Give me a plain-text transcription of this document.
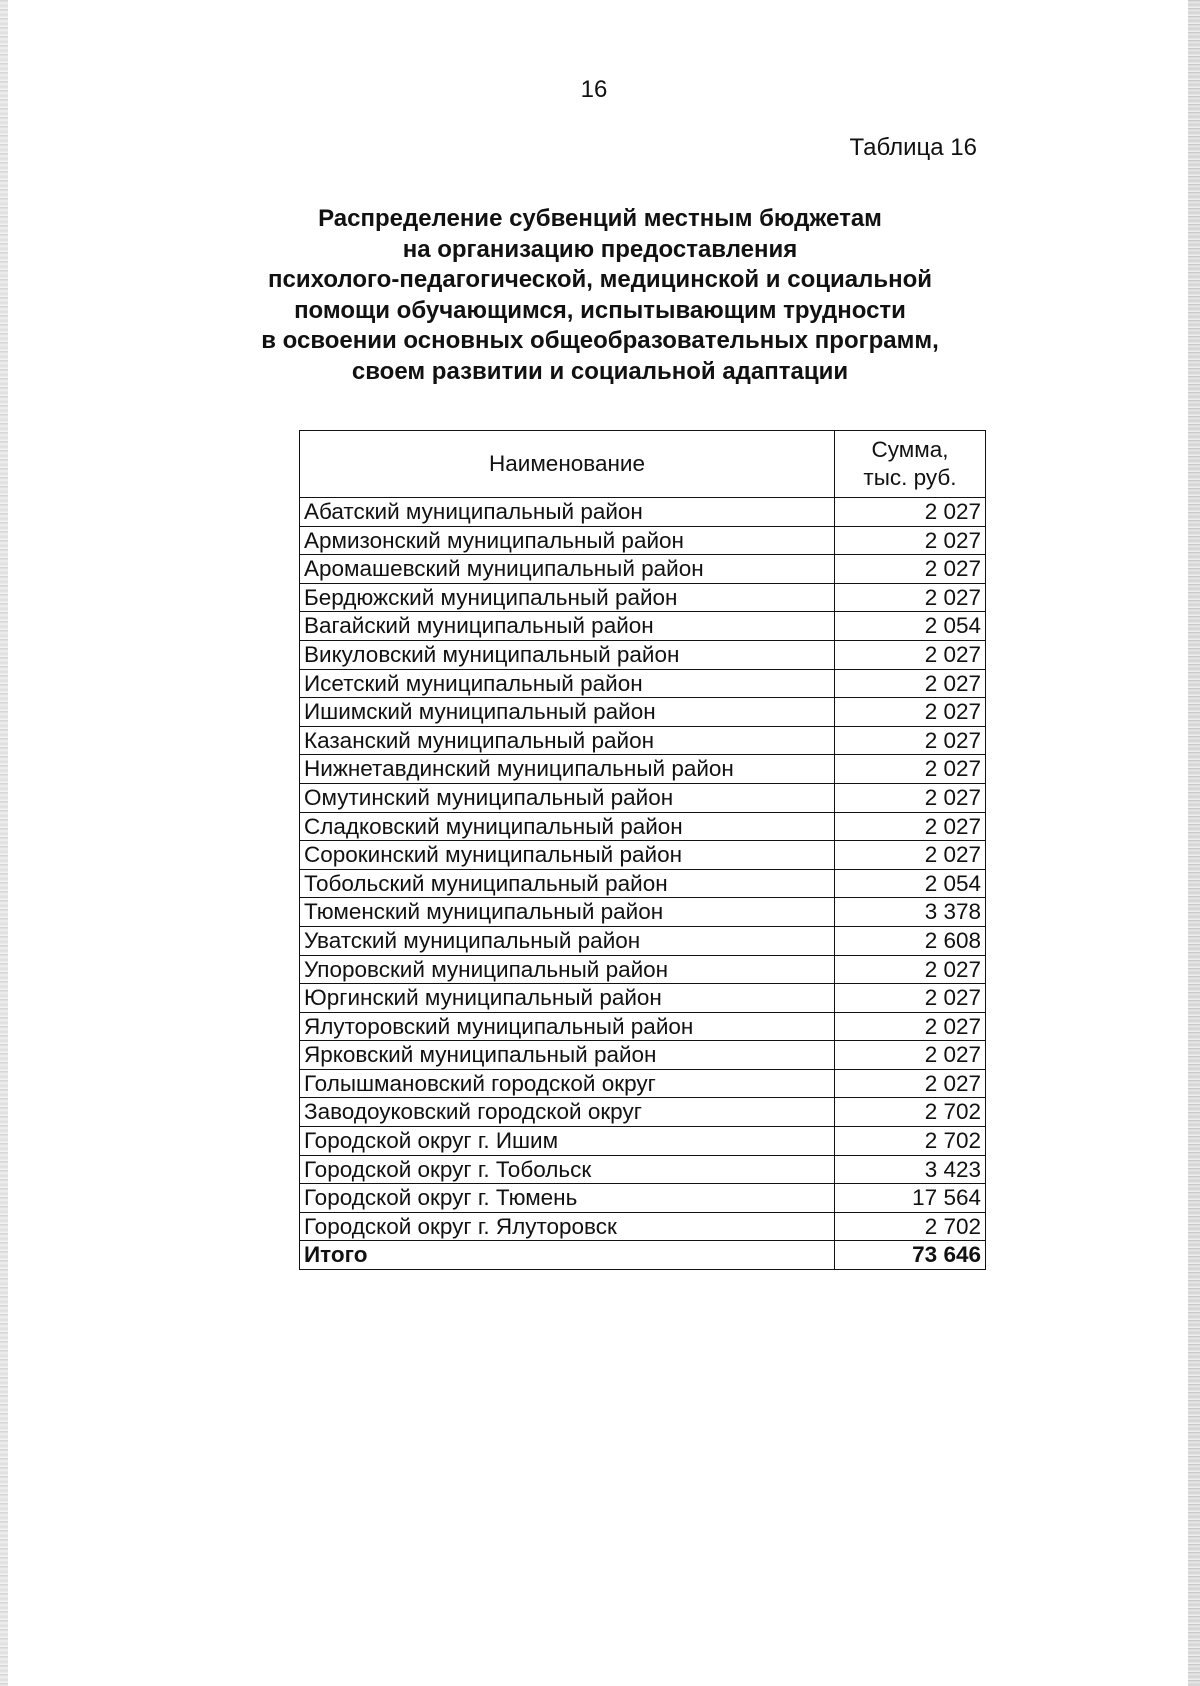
16
Таблица 16
Распределение субвенций местным бюджетам
на организацию предоставления
психолого-педагогической, медицинской и социальной
помощи обучающимся, испытывающим трудности
в освоении основных общеобразовательных программ,
своем развитии и социальной адаптации
Наименование	Сумма,
тыс. руб.

Абатский муниципальный район	2 027
Армизонский муниципальный район	2 027
Аромашевский муниципальный район	2 027
Бердюжский муниципальный район	2 027
Вагайский муниципальный район	2 054
Викуловский муниципальный район	2 027
Исетский муниципальный район	2 027
Ишимский муниципальный район	2 027
Казанский муниципальный район	2 027
Нижнетавдинский муниципальный район	2 027
Омутинский муниципальный район	2 027
Сладковский муниципальный район	2 027
Сорокинский муниципальный район	2 027
Тобольский муниципальный район	2 054
Тюменский муниципальный район	3 378
Уватский муниципальный район	2 608
Упоровский муниципальный район	2 027
Юргинский муниципальный район	2 027
Ялуторовский муниципальный район	2 027
Ярковский муниципальный район	2 027
Голышмановский городской округ	2 027
Заводоуковский городской округ	2 702
Городской округ г. Ишим	2 702
Городской округ г. Тобольск	3 423
Городской округ г. Тюмень	17 564
Городской округ г. Ялуторовск	2 702
Итого	73 646
